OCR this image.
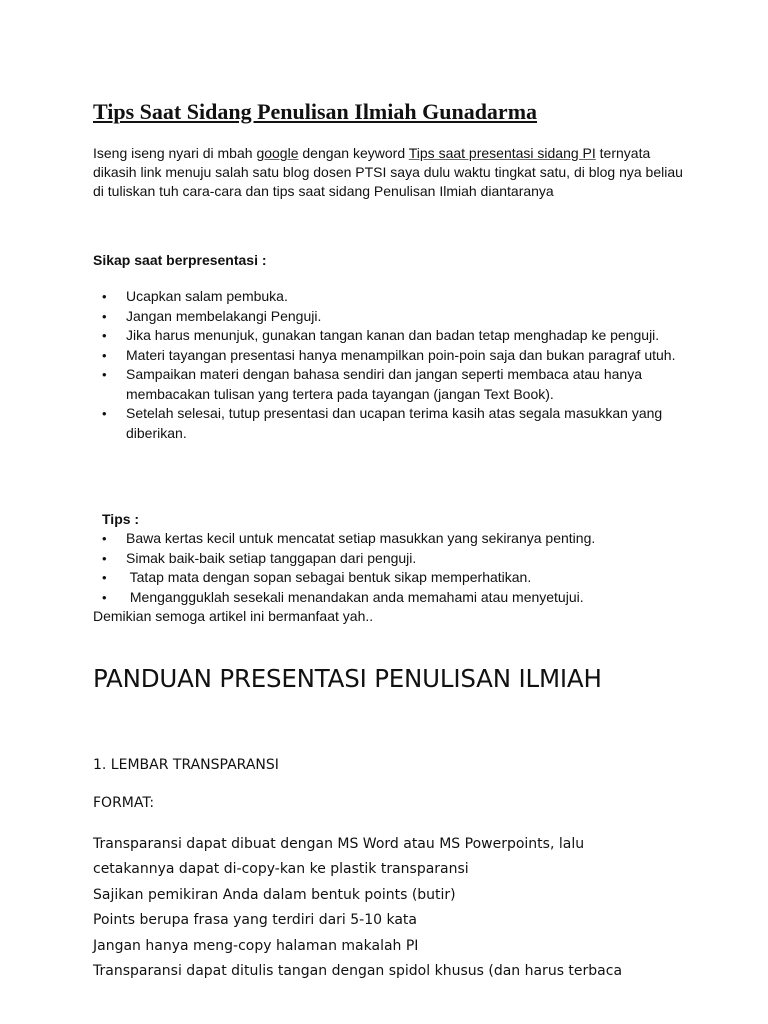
Tips Saat Sidang Penulisan Ilmiah Gunadarma

Iseng iseng nyari di mbah google dengan keyword Tips saat presentasi sidang PI ternyata dikasih link menuju salah satu blog dosen PTSI saya dulu waktu tingkat satu, di blog nya beliau di tuliskan tuh cara-cara dan tips saat sidang Penulisan Ilmiah diantaranya

Sikap saat berpresentasi :
• Ucapkan salam pembuka.
• Jangan membelakangi Penguji.
• Jika harus menunjuk, gunakan tangan kanan dan badan tetap menghadap ke penguji.
• Materi tayangan presentasi hanya menampilkan poin-poin saja dan bukan paragraf utuh.
• Sampaikan materi dengan bahasa sendiri dan jangan seperti membaca atau hanya membacakan tulisan yang tertera pada tayangan (jangan Text Book).
• Setelah selesai, tutup presentasi dan ucapan terima kasih atas segala masukkan yang diberikan.
Tips :
• Bawa kertas kecil untuk mencatat setiap masukkan yang sekiranya penting.
• Simak baik-baik setiap tanggapan dari penguji.
•  Tatap mata dengan sopan sebagai bentuk sikap memperhatikan.
•  Mengangguklah sesekali menandakan anda memahami atau menyetujui.

Demikian semoga artikel ini bermanfaat yah..

PANDUAN PRESENTASI PENULISAN ILMIAH

1. LEMBAR TRANSPARANSI

FORMAT:

Transparansi dapat dibuat dengan MS Word atau MS Powerpoints, lalu
cetakannya dapat di-copy-kan ke plastik transparansi
Sajikan pemikiran Anda dalam bentuk points (butir)
Points berupa frasa yang terdiri dari 5-10 kata
Jangan hanya meng-copy halaman makalah PI
Transparansi dapat ditulis tangan dengan spidol khusus (dan harus terbaca
